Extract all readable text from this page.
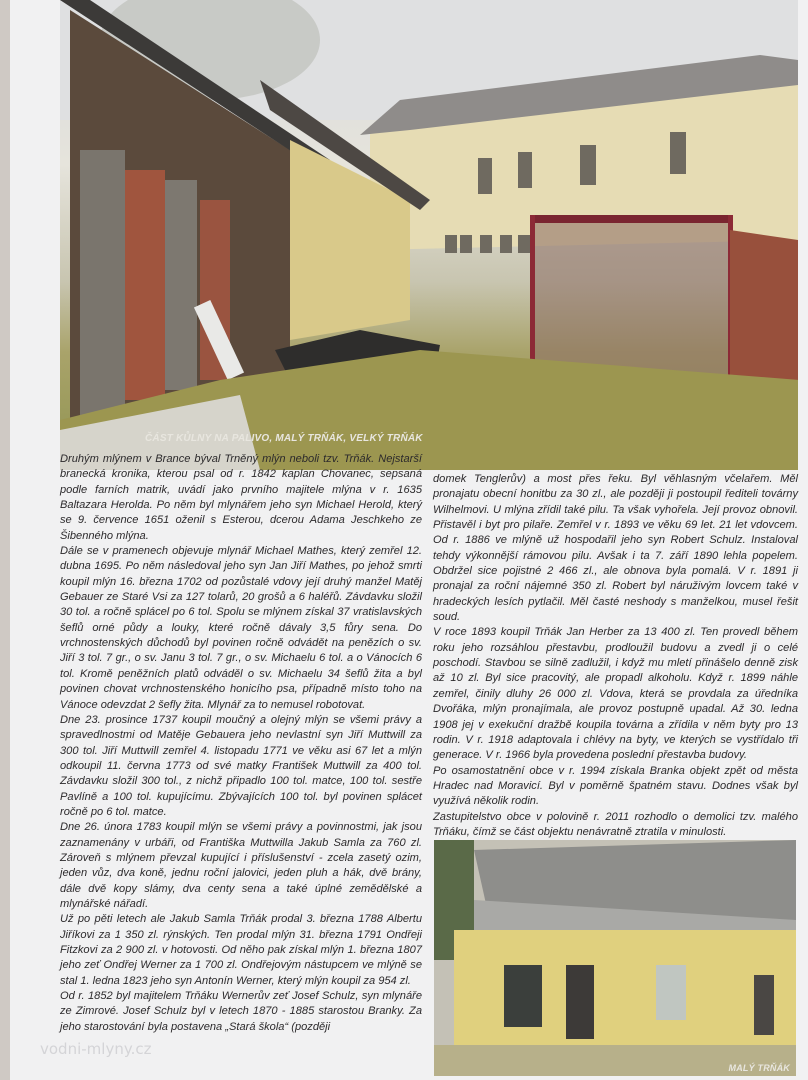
ČÁST KŮLNY NA PALIVO, MALÝ TRŇÁK, VELKÝ TRŇÁK

Druhým mlýnem v Brance býval Trněný mlýn neboli tzv. Trňák. Nejstarší branecká kronika, kterou psal od r. 1842 kaplan Chovanec, sepsaná podle farních matrik, uvádí jako prvního majitele mlýna v r. 1635 Baltazara Herolda. Po něm byl mlynářem jeho syn Michael Herold, který se 9. července 1651 oženil s Esterou, dcerou Adama Jeschkeho ze Šibenného mlýna.

Dále se v pramenech objevuje mlynář Michael Mathes, který zemřel 12. dubna 1695. Po něm následoval jeho syn Jan Jiří Mathes, po jehož smrti koupil mlýn 16. března 1702 od pozůstalé vdovy její druhý manžel Matěj Gebauer ze Staré Vsi za 127 tolarů, 20 grošů a 6 haléřů. Závdavku složil 30 tol. a ročně splácel po 6 tol. Spolu se mlýnem získal 37 vratislavských šeflů orné půdy a louky, které ročně dávaly 3,5 fůry sena. Do vrchnostenských důchodů byl povinen ročně odvádět na penězích o sv. Jiří 3 tol. 7 gr., o sv. Janu 3 tol. 7 gr., o sv. Michaelu 6 tol. a o Vánocích 6 tol. Kromě peněžních platů odváděl o sv. Michaelu 34 šeflů žita a byl povinen chovat vrchnostenského honicího psa, případně místo toho na Vánoce odevzdat 2 šefly žita. Mlynář za to nemusel robotovat.

Dne 23. prosince 1737 koupil moučný a olejný mlýn se všemi právy a spravedlnostmi od Matěje Gebauera jeho nevlastní syn Jiří Muttwill za 300 tol. Jiří Muttwill zemřel 4. listopadu 1771 ve věku asi 67 let a mlýn odkoupil 11. června 1773 od své matky František Muttwill za 400 tol. Závdavku složil 300 tol., z nichž připadlo 100 tol. matce, 100 tol. sestře Pavlíně a 100 tol. kupujícímu. Zbývajících 100 tol. byl povinen splácet ročně po 6 tol. matce.

Dne 26. února 1783 koupil mlýn se všemi právy a povinnostmi, jak jsou zaznamenány v urbáři, od Františka Muttwilla Jakub Samla za 760 zl. Zároveň s mlýnem převzal kupující i příslušenství - zcela zasetý ozim, jeden vůz, dva koně, jednu roční jalovici, jeden pluh a hák, dvě brány, dále dvě kopy slámy, dva centy sena a také úplné zemědělské a mlynářské nářadí.

Už po pěti letech ale Jakub Samla Trňák prodal 3. března 1788 Albertu Jiříkovi za 1 350 zl. rýnských. Ten prodal mlýn 31. března 1791 Ondřeji Fitzkovi za 2 900 zl. v hotovosti. Od něho pak získal mlýn 1. března 1807 jeho zeť Ondřej Werner za 1 700 zl. Ondřejovým nástupcem ve mlýně se stal 1. ledna 1823 jeho syn Antonín Werner, který mlýn koupil za 954 zl.

Od r. 1852 byl majitelem Trňáku Wernerův zeť Josef Schulz, syn mlynáře ze Zimrové. Josef Schulz byl v letech 1870 - 1885 starostou Branky. Za jeho starostování byla postavena „Stará škola“ (později

domek Tenglerův) a most přes řeku. Byl věhlasným včelařem. Měl pronajatu obecní honitbu za 30 zl., ale později ji postoupil řediteli továrny Wilhelmovi. U mlýna zřídil také pilu. Ta však vyhořela. Její provoz obnovil. Přistavěl i byt pro pilaře. Zemřel v r. 1893 ve věku 69 let. 21 let vdovcem. Od r. 1886 ve mlýně už hospodařil jeho syn Robert Schulz. Instaloval tehdy výkonnější rámovou pilu. Avšak i ta 7. září 1890 lehla popelem. Obdržel sice pojistné 2 466 zl., ale obnova byla pomalá. V r. 1891 ji pronajal za roční nájemné 350 zl. Robert byl náruživým lovcem také v hradeckých lesích pytlačil. Měl časté neshody s manželkou, musel řešit soud.

V roce 1893 koupil Trňák Jan Herber za 13 400 zl. Ten provedl během roku jeho rozsáhlou přestavbu, prodloužil budovu a zvedl ji o celé poschodí. Stavbou se silně zadlužil, i když mu mletí přinášelo denně zisk až 10 zl. Byl sice pracovitý, ale propadl alkoholu. Když r. 1899 náhle zemřel, činily dluhy 26 000 zl. Vdova, která se provdala za úředníka Dvořáka, mlýn pronajímala, ale provoz postupně upadal. Až 30. ledna 1908 jej v exekuční dražbě koupila továrna a zřídila v něm byty pro 13 rodin. V r. 1918 adaptovala i chlévy na byty, ve kterých se vystřídalo tři generace. V r. 1966 byla provedena poslední přestavba budovy.

Po osamostatnění obce v r. 1994 získala Branka objekt zpět od města Hradec nad Moravicí. Byl v poměrně špatném stavu. Dodnes však byl využívá několik rodin.

Zastupitelstvo obce v polovině r. 2011 rozhodlo o demolici tzv. malého Trňáku, čímž se část objektu nenávratně ztratila v minulosti.

MALÝ TRŇÁK
vodni-mlyny.cz
